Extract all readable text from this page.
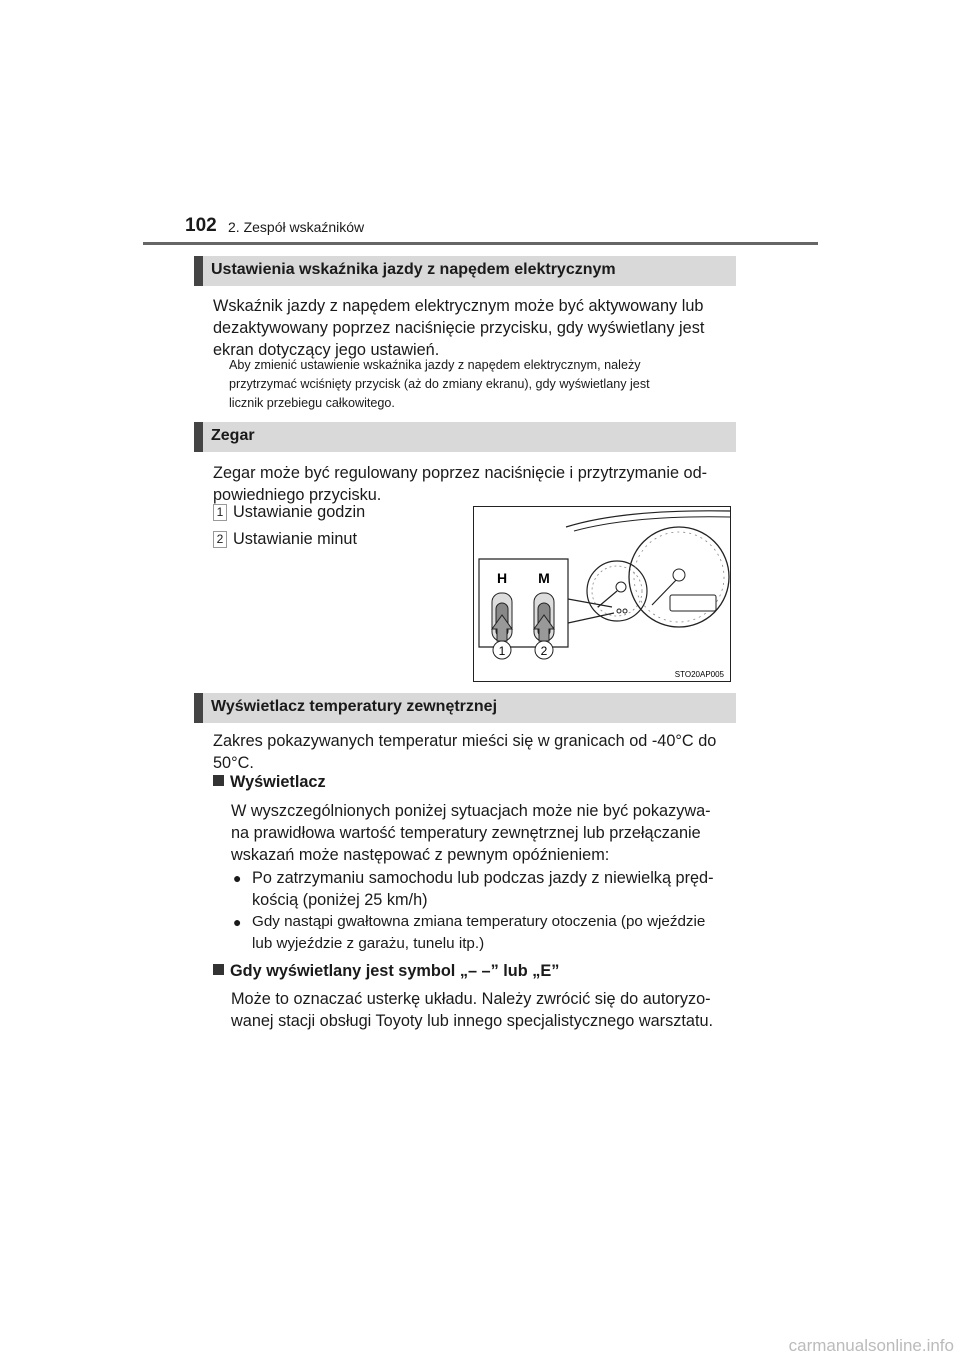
102 2. Zespół wskaźników
Ustawienia wskaźnika jazdy z napędem elektrycznym
Wskaźnik jazdy z napędem elektrycznym może być aktywowany lub
dezaktywowany poprzez naciśnięcie przycisku, gdy wyświetlany jest
ekran dotyczący jego ustawień.
Aby zmienić ustawienie wskaźnika jazdy z napędem elektrycznym, należy
przytrzymać wciśnięty przycisk (aż do zmiany ekranu), gdy wyświetlany jest
licznik przebiegu całkowitego.
Zegar
Zegar może być regulowany poprzez naciśnięcie i przytrzymanie od-
powiedniego przycisku.
1 Ustawianie godzin
2 Ustawianie minut
H M
1	2
STO20AP005
Wyświetlacz temperatury zewnętrznej
Zakres pokazywanych temperatur mieści się w granicach od -40°C do
50°C.
Wyświetlacz
W wyszczególnionych poniżej sytuacjach może nie być pokazywa-
na prawidłowa wartość temperatury zewnętrznej lub przełączanie
wskazań może następować z pewnym opóźnieniem:
● Po zatrzymaniu samochodu lub podczas jazdy z niewielką pręd-
kością (poniżej 25 km/h)
● Gdy nastąpi gwałtowna zmiana temperatury otoczenia (po wjeździe
lub wyjeździe z garażu, tunelu itp.)
Gdy wyświetlany jest symbol „– –” lub „E”
Może to oznaczać usterkę układu. Należy zwrócić się do autoryzo-
wanej stacji obsługi Toyoty lub innego specjalistycznego warsztatu.
carmanualsonline.info
